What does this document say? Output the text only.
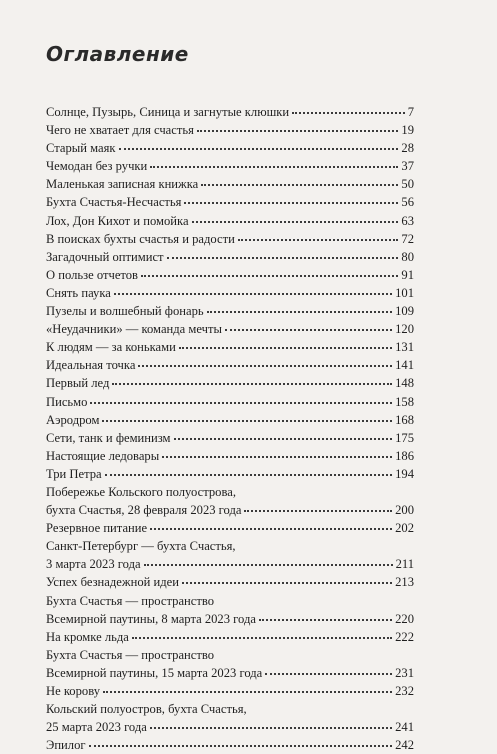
Оглавление
Солнце, Пузырь, Синица и загнутые клюшки	7
Чего не хватает для счастья	19
Старый маяк	28
Чемодан без ручки	37
Маленькая записная книжка	50
Бухта Счастья-Несчастья	56
Лох, Дон Кихот и помойка	63
В поисках бухты счастья и радости	72
Загадочный оптимист	80
О пользе отчетов	91
Снять паука	101
Пузелы и волшебный фонарь	109
«Неудачники» — команда мечты	120
К людям — за коньками	131
Идеальная точка	141
Первый лед	148
Письмо	158
Аэродром	168
Сети, танк и феминизм	175
Настоящие ледовары	186
Три Петра	194
Побережье Кольского полуострова,
бухта Счастья, 28 февраля 2023 года	200
Резервное питание	202
Санкт-Петербург — бухта Счастья,
3 марта 2023 года	211
Успех безнадежной идеи	213
Бухта Счастья — пространство
Всемирной паутины, 8 марта 2023 года	220
На кромке льда	222
Бухта Счастья — пространство
Всемирной паутины, 15 марта 2023 года	231
Не корову	232
Кольский полуостров, бухта Счастья,
25 марта 2023 года	241
Эпилог	242
